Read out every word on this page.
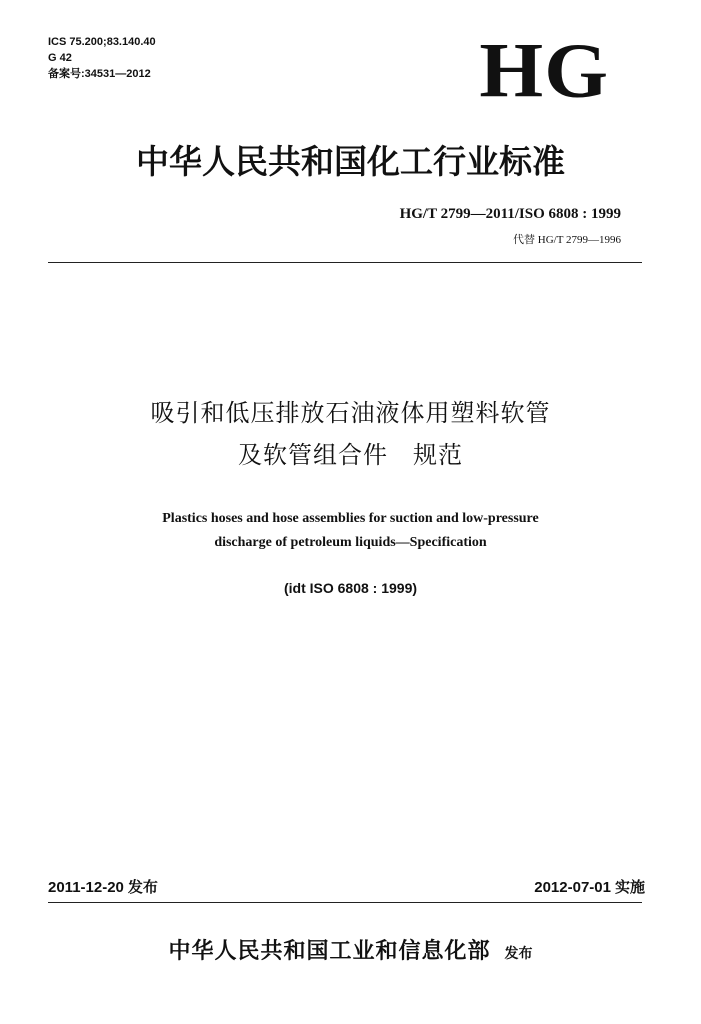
ICS 75.200;83.140.40
G 42
备案号:34531—2012	HG
中华人民共和国化工行业标准
HG/T 2799—2011/ISO 6808 : 1999
代替 HG/T 2799—1996
吸引和低压排放石油液体用塑料软管
及软管组合件　规范
Plastics hoses and hose assemblies for suction and low-pressure
discharge of petroleum liquids—Specification
(idt ISO 6808 : 1999)
2011-12-20 发布	2012-07-01 实施
中华人民共和国工业和信息化部 发布
